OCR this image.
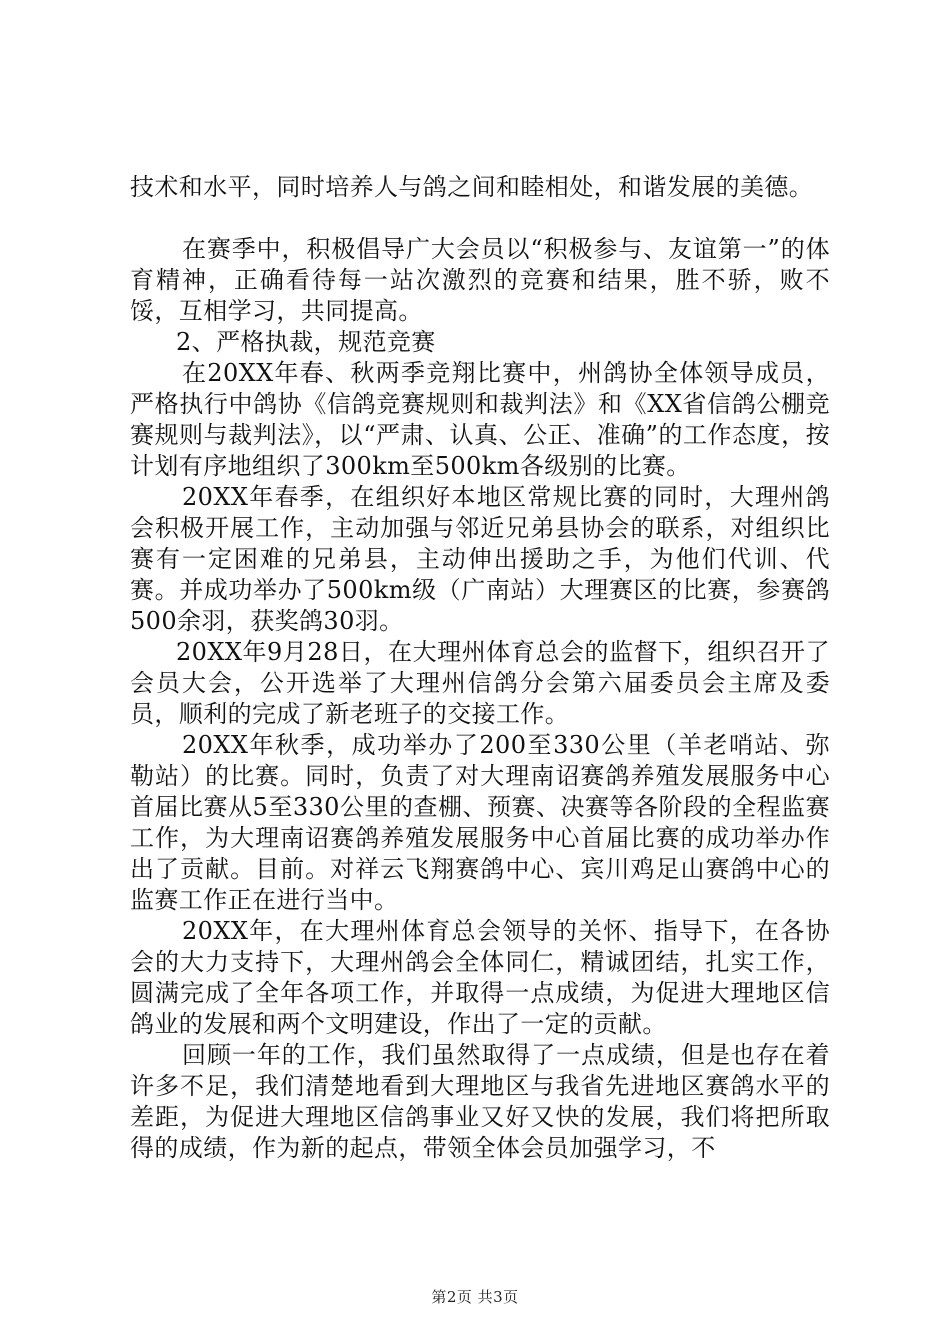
技术和水平，同时培养人与鸽之间和睦相处，和谐发展的美德。

在赛季中，积极倡导广大会员以“积极参与、友谊第一”的体育精神，正确看待每一站次激烈的竞赛和结果，胜不骄，败不馁，互相学习，共同提高。

2、严格执裁，规范竞赛

在20XX年春、秋两季竞翔比赛中，州鸽协全体领导成员，严格执行中鸽协《信鸽竞赛规则和裁判法》和《XX省信鸽公棚竞赛规则与裁判法》，以“严肃、认真、公正、准确”的工作态度，按计划有序地组织了300km至500km各级别的比赛。

20XX年春季，在组织好本地区常规比赛的同时，大理州鸽会积极开展工作，主动加强与邻近兄弟县协会的联系，对组织比赛有一定困难的兄弟县，主动伸出援助之手，为他们代训、代赛。并成功举办了500km级（广南站）大理赛区的比赛，参赛鸽500余羽，获奖鸽30羽。

20XX年9月28日，在大理州体育总会的监督下，组织召开了会员大会，公开选举了大理州信鸽分会第六届委员会主席及委员，顺利的完成了新老班子的交接工作。

20XX年秋季，成功举办了200至330公里（羊老哨站、弥勒站）的比赛。同时，负责了对大理南诏赛鸽养殖发展服务中心首届比赛从5至330公里的查棚、预赛、决赛等各阶段的全程监赛工作，为大理南诏赛鸽养殖发展服务中心首届比赛的成功举办作出了贡献。目前。对祥云飞翔赛鸽中心、宾川鸡足山赛鸽中心的监赛工作正在进行当中。

20XX年，在大理州体育总会领导的关怀、指导下，在各协会的大力支持下，大理州鸽会全体同仁，精诚团结，扎实工作，圆满完成了全年各项工作，并取得一点成绩，为促进大理地区信鸽业的发展和两个文明建设，作出了一定的贡献。

回顾一年的工作，我们虽然取得了一点成绩，但是也存在着许多不足，我们清楚地看到大理地区与我省先进地区赛鸽水平的差距，为促进大理地区信鸽事业又好又快的发展，我们将把所取得的成绩，作为新的起点，带领全体会员加强学习，不

第2页 共3页
